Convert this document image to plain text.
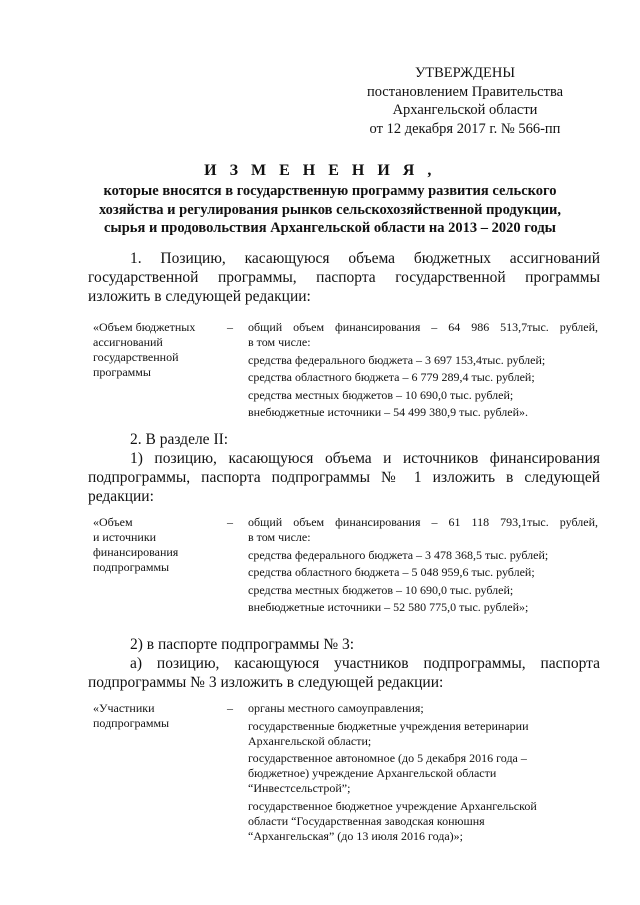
УТВЕРЖДЕНЫ
постановлением Правительства
Архангельской области
от 12 декабря 2017 г. № 566-пп
И З М Е Н Е Н И Я ,
которые вносятся в государственную программу развития сельского
хозяйства и регулирования рынков сельскохозяйственной продукции,
сырья и продовольствия Архангельской области на 2013 – 2020 годы
1. Позицию, касающуюся объема бюджетных ассигнований
государственной программы, паспорта государственной программы
изложить в следующей редакции:
«Объем бюджетных
ассигнований
государственной
программы
–	общий объем финансирования – 64 986 513,7тыс. рублей,
в том числе:
средства федерального бюджета – 3 697 153,4тыс. рублей;
средства областного бюджета – 6 779 289,4 тыс. рублей;
средства местных бюджетов – 10 690,0 тыс. рублей;
внебюджетные источники – 54 499 380,9 тыс. рублей».
2. В разделе II:
1) позицию, касающуюся объема и источников финансирования
подпрограммы, паспорта подпрограммы № 1 изложить в следующей
редакции:
«Объем
и источники
финансирования
подпрограммы
–	общий объем финансирования – 61 118 793,1тыс. рублей,
в том числе:
средства федерального бюджета – 3 478 368,5 тыс. рублей;
средства областного бюджета – 5 048 959,6 тыс. рублей;
средства местных бюджетов – 10 690,0 тыс. рублей;
внебюджетные источники – 52 580 775,0 тыс. рублей»;
2) в паспорте подпрограммы № 3:
а) позицию, касающуюся участников подпрограммы, паспорта
подпрограммы № 3 изложить в следующей редакции:
«Участники
подпрограммы
–	органы местного самоуправления;
государственные бюджетные учреждения ветеринарии
Архангельской области;
государственное автономное (до 5 декабря 2016 года –
бюджетное) учреждение Архангельской области
“Инвестсельстрой”;
государственное бюджетное учреждение Архангельской
области “Государственная заводская конюшня
“Архангельская” (до 13 июля 2016 года)»;
